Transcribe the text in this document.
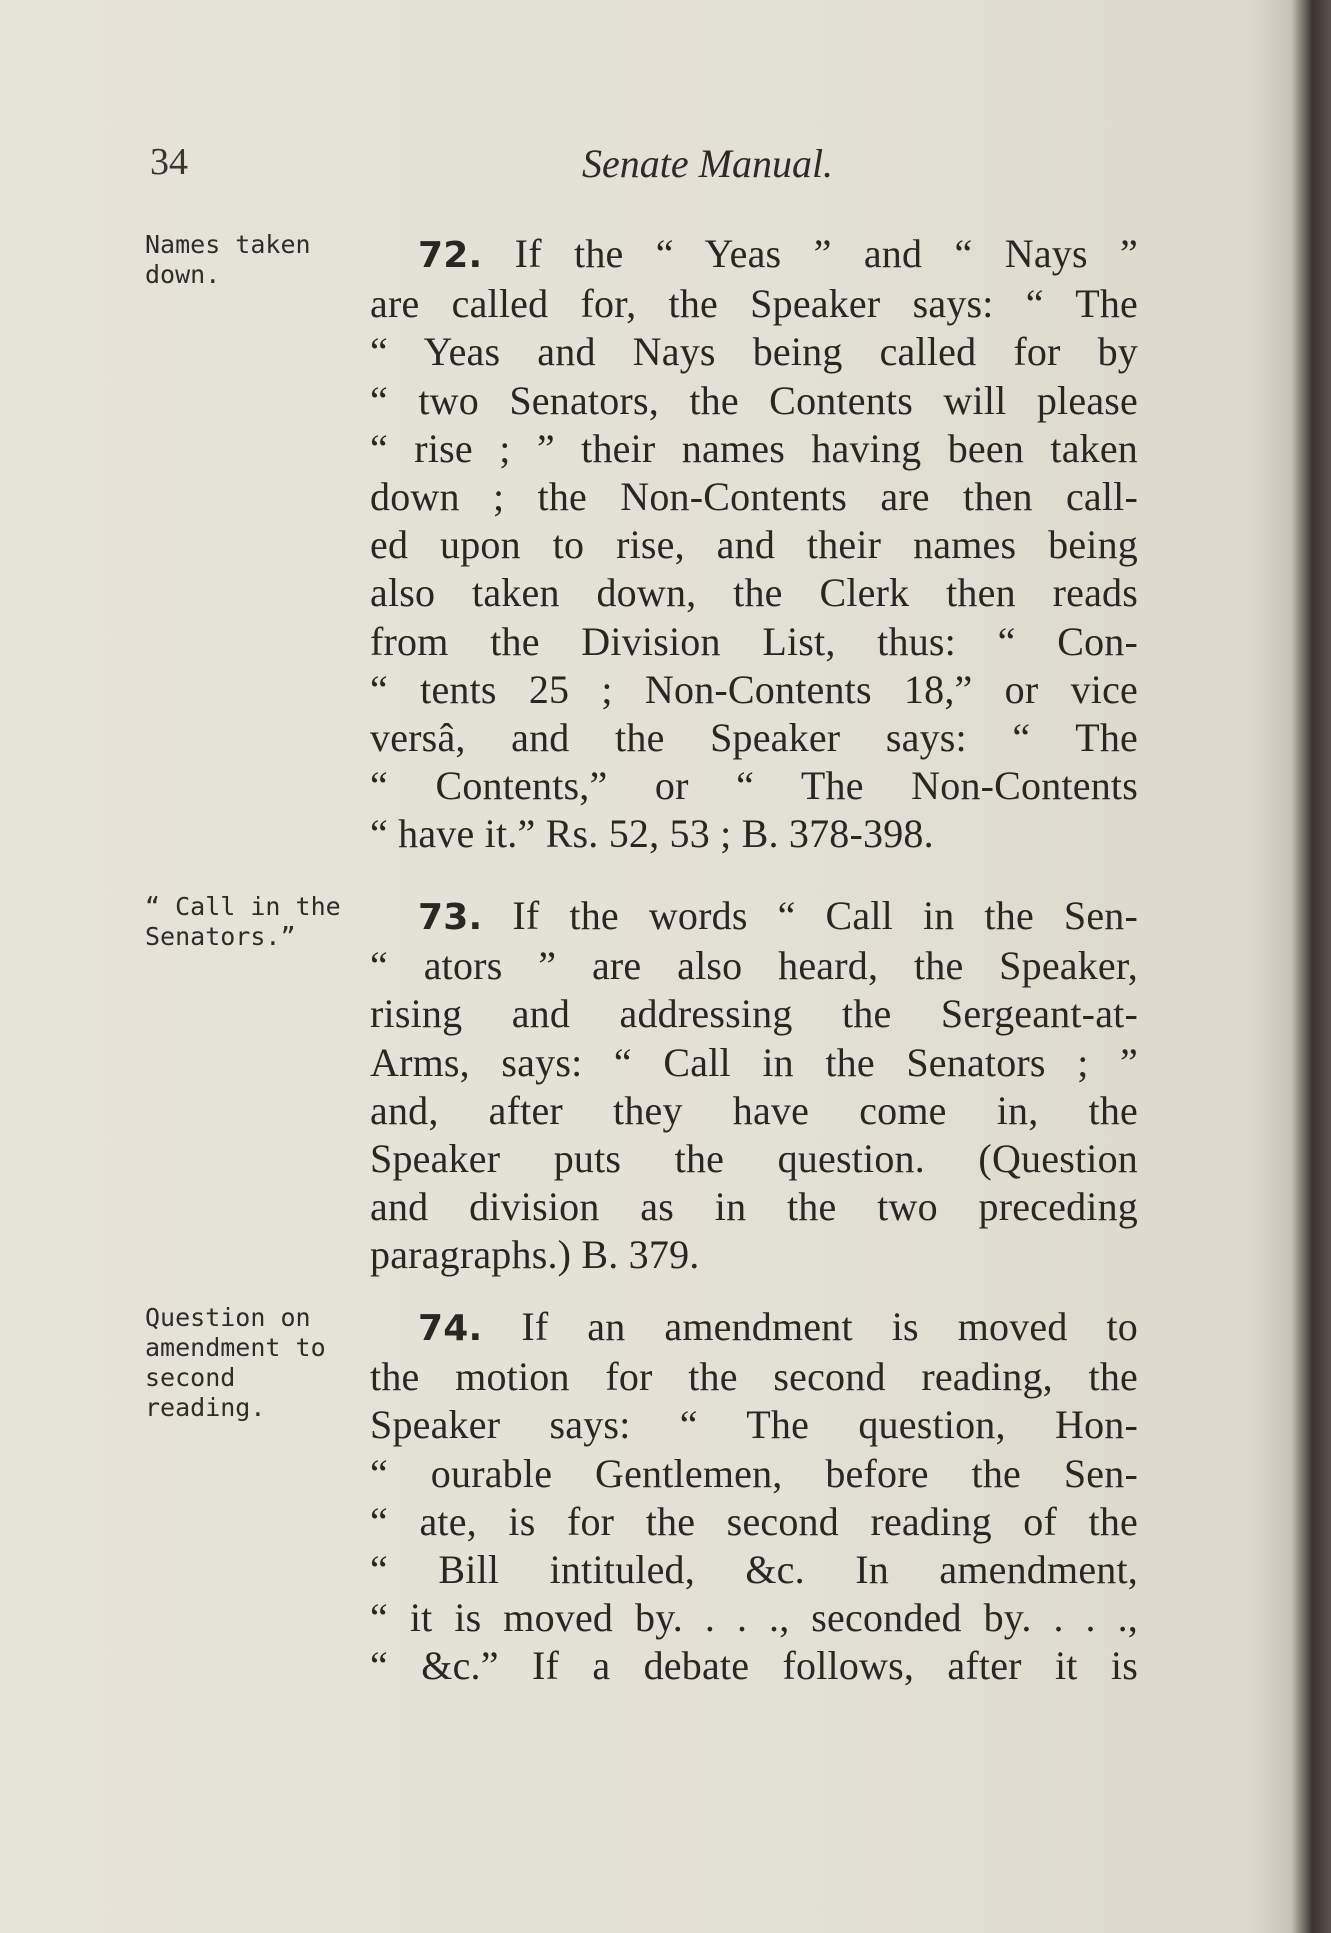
34	Senate Manual.
Names taken down.	72. If the “ Yeas ” and “ Nays ”
are called for, the Speaker says: “ The
“ Yeas and Nays being called for by
“ two Senators, the Contents will please
“ rise ; ” their names having been taken
down ; the Non-Contents are then call-
ed upon to rise, and their names being
also taken down, the Clerk then reads
from the Division List, thus: “ Con-
“ tents 25 ; Non-Contents 18,” or vice
versâ, and the Speaker says: “ The
“ Contents,” or “ The Non-Contents
“ have it.” Rs. 52, 53 ; B. 378-398.
“ Call in the Senators.”	73. If the words “ Call in the Sen-
“ ators ” are also heard, the Speaker,
rising and addressing the Sergeant-at-
Arms, says: “ Call in the Senators ; ”
and, after they have come in, the
Speaker puts the question. (Question
and division as in the two preceding
paragraphs.) B. 379.
Question on amendment to second reading.
74. If an amendment is moved to
the motion for the second reading, the
Speaker says: “ The question, Hon-
“ ourable Gentlemen, before the Sen-
“ ate, is for the second reading of the
“ Bill intituled, &c. In amendment,
“ it is moved by. . . ., seconded by. . . .,
“ &c.” If a debate follows, after it is
